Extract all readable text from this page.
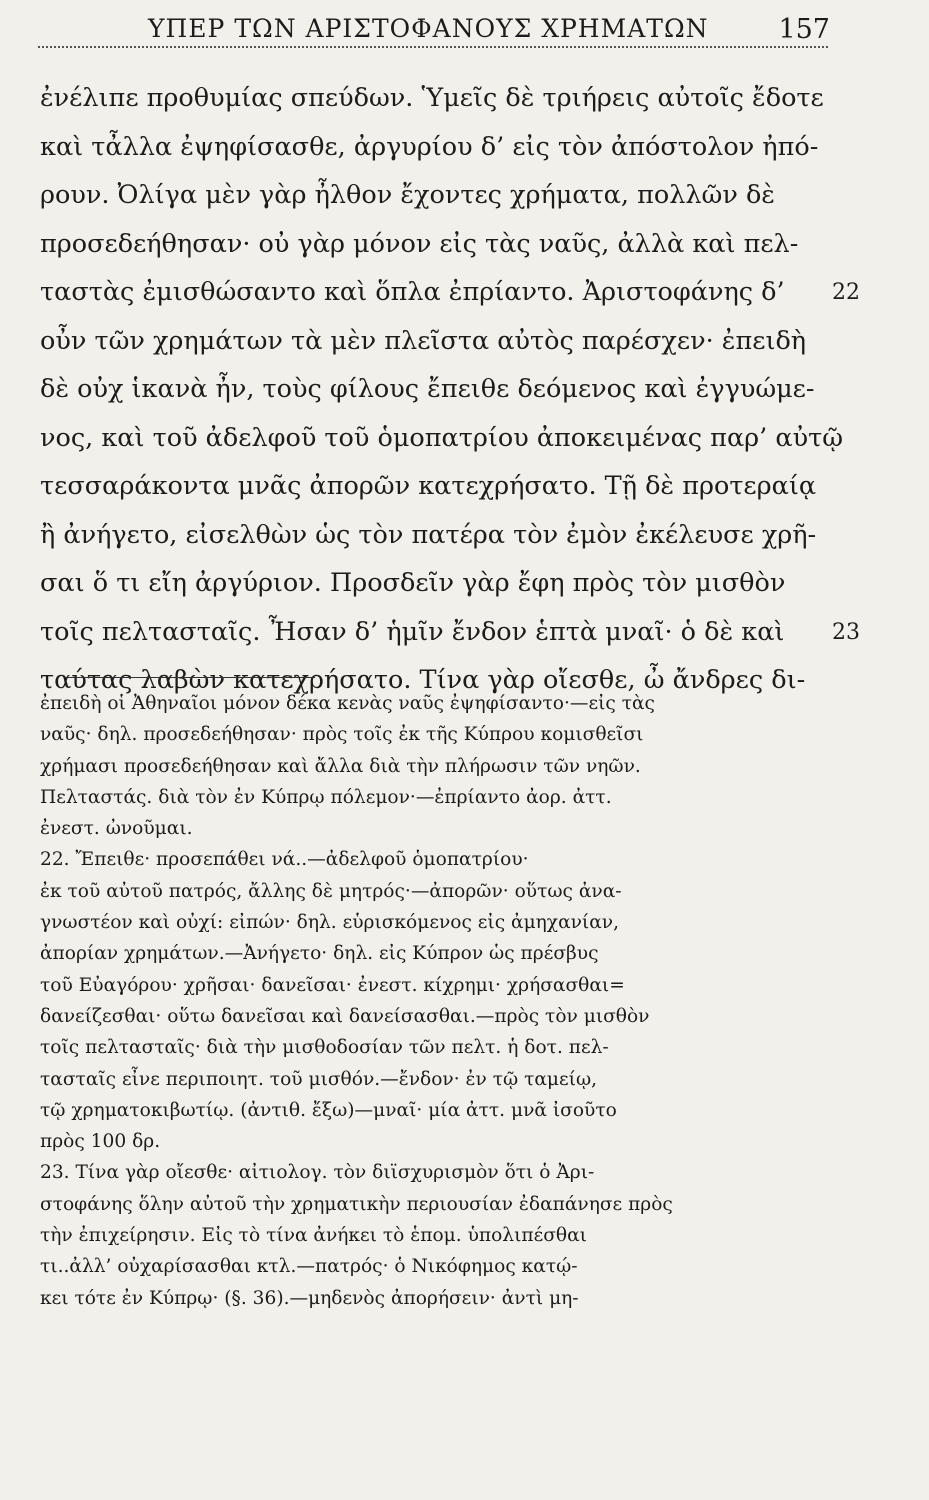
ΥΠΕΡ ΤΩΝ ΑΡΙΣΤΟΦΑΝΟΥΣ ΧΡΗΜΑΤΩΝ	157
ἐνέλιπε προθυμίας σπεύδων. Ὑμεῖς δὲ τριήρεις αὐτοῖς ἔδοτε
καὶ τἆλλα ἐψηφίσασθε, ἀργυρίου δ’ εἰς τὸν ἀπόστολον ἠπό-
ρουν. Ὀλίγα μὲν γὰρ ἦλθον ἔχοντες χρήματα, πολλῶν δὲ
προσεδεήθησαν· οὐ γὰρ μόνον εἰς τὰς ναῦς, ἀλλὰ καὶ πελ-
ταστὰς ἐμισθώσαντο καὶ ὅπλα ἐπρίαντο. Ἀριστοφάνης δ’
οὖν τῶν χρημάτων τὰ μὲν πλεῖστα αὐτὸς παρέσχεν· ἐπειδὴ
δὲ οὐχ ἱκανὰ ἦν, τοὺς φίλους ἔπειθε δεόμενος καὶ ἐγγυώμε-
νος, καὶ τοῦ ἀδελφοῦ τοῦ ὁμοπατρίου ἀποκειμένας παρ’ αὐτῷ
τεσσαράκοντα μνᾶς ἀπορῶν κατεχρήσατο. Τῇ δὲ προτεραίᾳ
ἢ ἀνήγετο, εἰσελθὼν ὡς τὸν πατέρα τὸν ἐμὸν ἐκέλευσε χρῆ-
σαι ὅ τι εἴη ἀργύριον. Προσδεῖν γὰρ ἔφη πρὸς τὸν μισθὸν
τοῖς πελτασταῖς. Ἦσαν δ’ ἡμῖν ἔνδον ἑπτὰ μναῖ· ὁ δὲ καὶ
ταύτας λαβὼν κατεχρήσατο. Τίνα γὰρ οἴεσθε, ὦ ἄνδρες δι-
22
23
ἐπειδὴ οἱ Ἀθηναῖοι μόνον δέκα κενὰς ναῦς ἐψηφίσαντο·—εἰς τὰς
ναῦς· δηλ. προσεδεήθησαν· πρὸς τοῖς ἐκ τῆς Κύπρου κομισθεῖσι
χρήμασι προσεδεήθησαν καὶ ἄλλα διὰ τὴν πλήρωσιν τῶν νηῶν.
Πελταστάς. διὰ τὸν ἐν Κύπρῳ πόλεμον·—ἐπρίαντο ἀορ. ἀττ.
ἐνεστ. ὠνοῦμαι.
22. Ἔπειθε· προσεπάθει νά..—ἀδελφοῦ ὁμοπατρίου·
ἐκ τοῦ αὐτοῦ πατρός, ἄλλης δὲ μητρός·—ἀπορῶν· οὕτως ἀνα-
γνωστέον καὶ οὐχί: εἰπών· δηλ. εὑρισκόμενος εἰς ἀμηχανίαν,
ἀπορίαν χρημάτων.—Ἀνήγετο· δηλ. εἰς Κύπρον ὡς πρέσβυς
τοῦ Εὐαγόρου· χρῆσαι· δανεῖσαι· ἐνεστ. κίχρημι· χρήσασθαι=
δανείζεσθαι· οὕτω δανεῖσαι καὶ δανείσασθαι.—πρὸς τὸν μισθὸν
τοῖς πελτασταῖς· διὰ τὴν μισθοδοσίαν τῶν πελτ. ἡ δοτ. πελ-
τασταῖς εἶνε περιποιητ. τοῦ μισθόν.—ἔνδον· ἐν τῷ ταμείῳ,
τῷ χρηματοκιβωτίῳ. (ἀντιθ. ἔξω)—μναῖ· μία ἀττ. μνᾶ ἰσοῦτο
πρὸς 100 δρ.
23. Τίνα γὰρ οἴεσθε· αἰτιολογ. τὸν διϊσχυρισμὸν ὅτι ὁ Ἀρι-
στοφάνης ὅλην αὐτοῦ τὴν χρηματικὴν περιουσίαν ἐδαπάνησε πρὸς
τὴν ἐπιχείρησιν. Εἰς τὸ τίνα ἀνήκει τὸ ἑπομ. ὑπολιπέσθαι
τι..ἀλλ’ οὐχαρίσασθαι κτλ.—πατρός· ὁ Νικόφημος κατῴ-
κει τότε ἐν Κύπρῳ· (§. 36).—μηδενὸς ἀπορήσειν· ἀντὶ μη-
